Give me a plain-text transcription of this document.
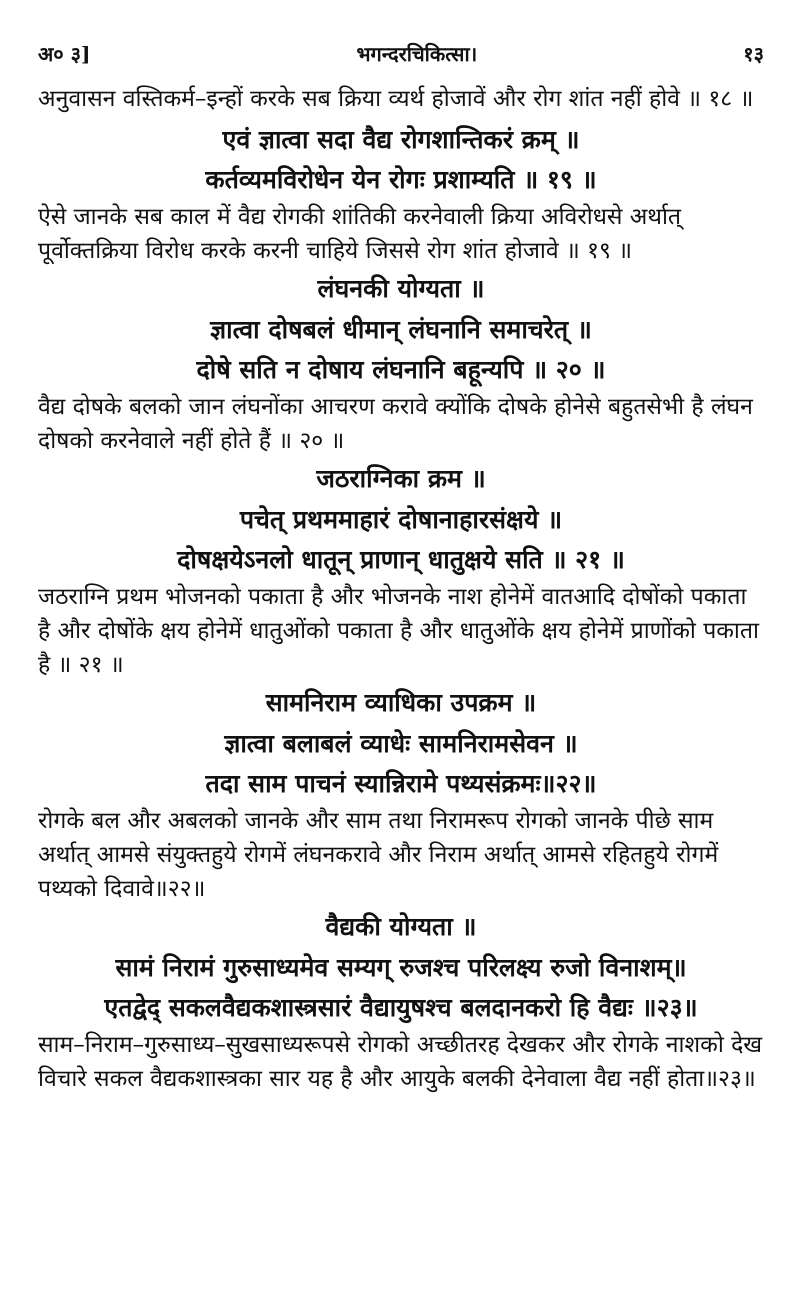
अ० ३]	भगन्दरचिकित्सा।	१३

अनुवासन वस्तिकर्म–इन्हों करके सब क्रिया व्यर्थ होजावें और रोग शांत नहीं होवे ॥ १८ ॥

एवं ज्ञात्वा सदा वैद्य रोगशान्तिकरं क्रम् ॥

कर्तव्यमविरोधेन येन रोगः प्रशाम्यति ॥ १९ ॥

ऐसे जानके सब काल में वैद्य रोगकी शांतिकी करनेवाली क्रिया अविरोधसे अर्थात् पूर्वोक्तक्रिया विरोध करके करनी चाहिये जिससे रोग शांत होजावे ॥ १९ ॥

लंघनकी योग्यता ॥

ज्ञात्वा दोषबलं धीमान् लंघनानि समाचरेत् ॥

दोषे सति न दोषाय लंघनानि बहून्यपि ॥ २० ॥

वैद्य दोषके बलको जान लंघनोंका आचरण करावे क्योंकि दोषके होनेसे बहुतसेभी है लंघन दोषको करनेवाले नहीं होते हैं ॥ २० ॥

जठराग्निका क्रम ॥

पचेत् प्रथममाहारं दोषानाहारसंक्षये ॥

दोषक्षयेऽनलो धातून् प्राणान् धातुक्षये सति ॥ २१ ॥

जठराग्नि प्रथम भोजनको पकाता है और भोजनके नाश होनेमें वातआदि दोषोंको पकाता है और दोषोंके क्षय होनेमें धातुओंको पकाता है और धातुओंके क्षय होनेमें प्राणोंको पकाता है ॥ २१ ॥

सामनिराम व्याधिका उपक्रम ॥

ज्ञात्वा बलाबलं व्याधेः सामनिरामसेवन ॥

तदा साम पाचनं स्यान्निरामे पथ्यसंक्रमः॥२२॥

रोगके बल और अबलको जानके और साम तथा निरामरूप रोगको जानके पीछे साम अर्थात् आमसे संयुक्तहुये रोगमें लंघनकरावे और निराम अर्थात् आमसे रहितहुये रोगमें पथ्यको दिवावे॥२२॥

वैद्यकी योग्यता ॥

सामं निरामं गुरुसाध्यमेव सम्यग् रुजश्च परिलक्ष्य रुजो विनाशम्॥

एतद्वेद् सकलवैद्यकशास्त्रसारं वैद्यायुषश्च बलदानकरो हि वैद्यः ॥२३॥

साम–निराम–गुरुसाध्य–सुखसाध्यरूपसे रोगको अच्छीतरह देखकर और रोगके नाशको देख विचारे सकल वैद्यकशास्त्रका सार यह है और आयुके बलकी देनेवाला वैद्य नहीं होता॥२३॥
